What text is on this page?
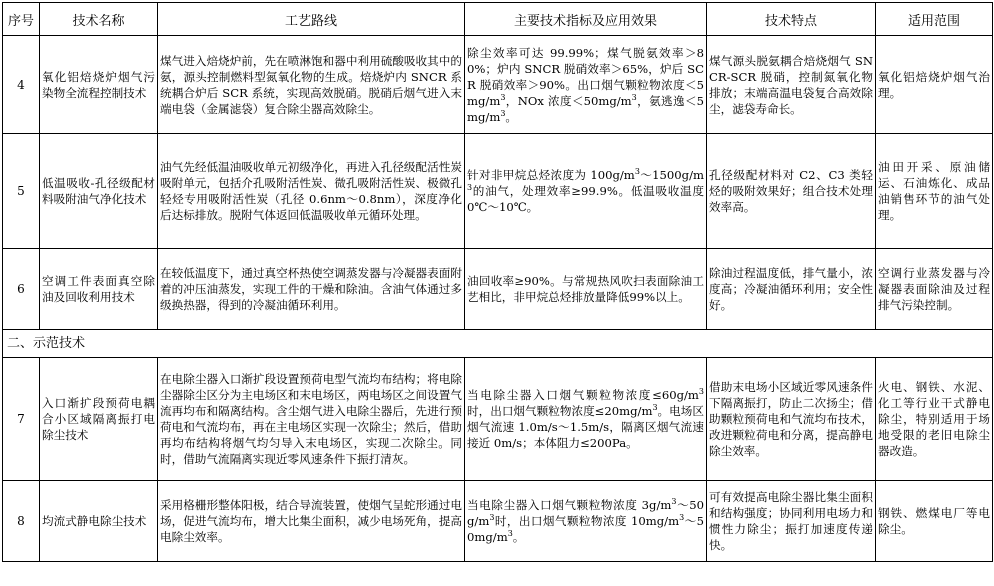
序号	技术名称	工艺路线	主要技术指标及应用效果	技术特点	适用范围
4	氧化铝焙烧炉烟气污染物全流程控制技术	煤气进入焙烧炉前，先在喷淋饱和器中利用硫酸吸收其中的氨，源头控制燃料型氮氧化物的生成。焙烧炉内 SNCR 系统耦合炉后 SCR 系统，实现高效脱硝。脱硝后烟气进入末端电袋（金属滤袋）复合除尘器高效除尘。	除尘效率可达 99.99%；煤气脱氨效率＞80%；炉内 SNCR 脱硝效率＞65%，炉后 SCR 脱硝效率＞90%。出口烟气颗粒物浓度$<5mg/m^3$，NOx 浓度$<50mg/m^3$，氨逃逸$<5mg/m^3$。	煤气源头脱氨耦合焙烧烟气 SNCR-SCR 脱硝，控制氮氧化物排放；末端高温电袋复合高效除尘，滤袋寿命长。	氧化铝焙烧炉烟气治理。
5	低温吸收-孔径级配材料吸附油气净化技术	油气先经低温油吸收单元初级净化，再进入孔径级配活性炭吸附单元，包括介孔吸附活性炭、微孔吸附活性炭、极微孔轻烃专用吸附活性炭（孔径 0.6nm～0.8nm），深度净化后达标排放。脱附气体返回低温吸收单元循环处理。	针对非甲烷总烃浓度为 $100g/m^3\sim 1500g/m^3$的油气，处理效率≥99.9%。低温吸收温度0℃～10℃。	孔径级配材料对 C2、C3 类轻烃的吸附效果好；组合技术处理效率高。	油田开采、原油储运、石油炼化、成品油销售环节的油气处理。
6	空调工件表面真空除油及回收利用技术	在较低温度下，通过真空杯热使空调蒸发器与冷凝器表面附着的冲压油蒸发，实现工件的干燥和除油。含油气体通过多级换热器，得到的冷凝油循环利用。	油回收率≥90%。与常规热风吹扫表面除油工艺相比，非甲烷总烃排放量降低99%以上。	除油过程温度低，排气量小，浓度高；冷凝油循环利用；安全性好。	空调行业蒸发器与冷凝器表面除油及过程排气污染控制。
二、示范技术					
7	入口渐扩段预荷电耦合小区域隔离振打电除尘技术	在电除尘器入口渐扩段设置预荷电型气流均布结构；将电除尘器除尘区分为主电场区和末电场区，两电场区之间设置气流再均布和隔离结构。含尘烟气进入电除尘器后，先进行预荷电和气流均布，再在主电场区实现一次除尘；然后，借助再均布结构将烟气均匀导入末电场区，实现二次除尘。同时，借助气流隔离实现近零风速条件下振打清灰。	当电除尘器入口烟气颗粒物浓度$\le 60g/m^3$ 时，出口烟气颗粒物浓度$\le 20mg/m^3$。电场区烟气流速 1.0m/s～1.5m/s，隔离区烟气流速接近 0m/s；本体阻力≤200Pa。	借助末电场小区域近零风速条件下隔离振打，防止二次扬尘；借助颗粒预荷电和气流均布技术，改进颗粒荷电和分离，提高静电除尘效率。	火电、钢铁、水泥、化工等行业干式静电除尘，特别适用于场地受限的老旧电除尘器改造。
8	均流式静电除尘技术	采用格栅形整体阳极，结合导流装置，使烟气呈蛇形通过电场，促进气流均布，增大比集尘面积，减少电场死角，提高电除尘效率。	当电除尘器入口烟气颗粒物浓度 $3g/m^3\sim 50g/m^3$时，出口烟气颗粒物浓度 $10mg/m^3\sim 50mg/m^3$。	可有效提高电除尘器比集尘面积和结构强度；协同利用电场力和惯性力除尘；振打加速度传递快。	钢铁、燃煤电厂等电除尘。
